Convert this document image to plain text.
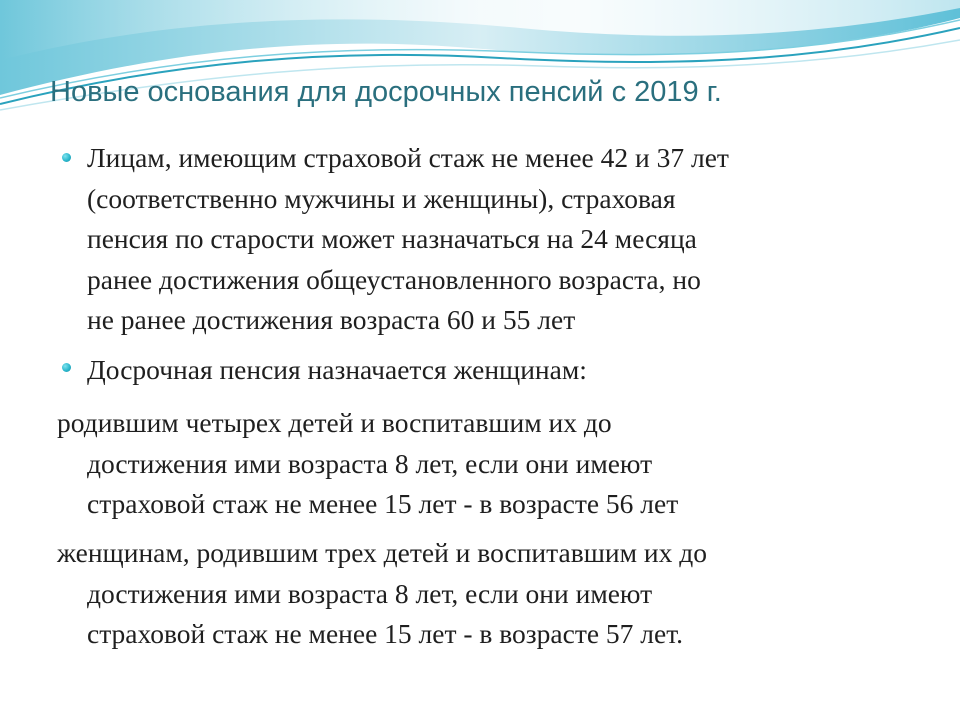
Новые основания для досрочных пенсий с 2019 г.
Лицам, имеющим страховой стаж не менее 42 и 37 лет
(соответственно мужчины и женщины), страховая
пенсия по старости может назначаться на 24 месяца
ранее достижения общеустановленного возраста, но
не ранее достижения возраста 60 и 55 лет
Досрочная пенсия назначается женщинам:
родившим четырех детей и воспитавшим их до
достижения ими возраста 8 лет, если они имеют
страховой стаж не менее 15 лет - в возрасте 56 лет
женщинам, родившим трех детей и воспитавшим их до
достижения ими возраста 8 лет, если они имеют
страховой стаж не менее 15 лет - в возрасте 57 лет.
